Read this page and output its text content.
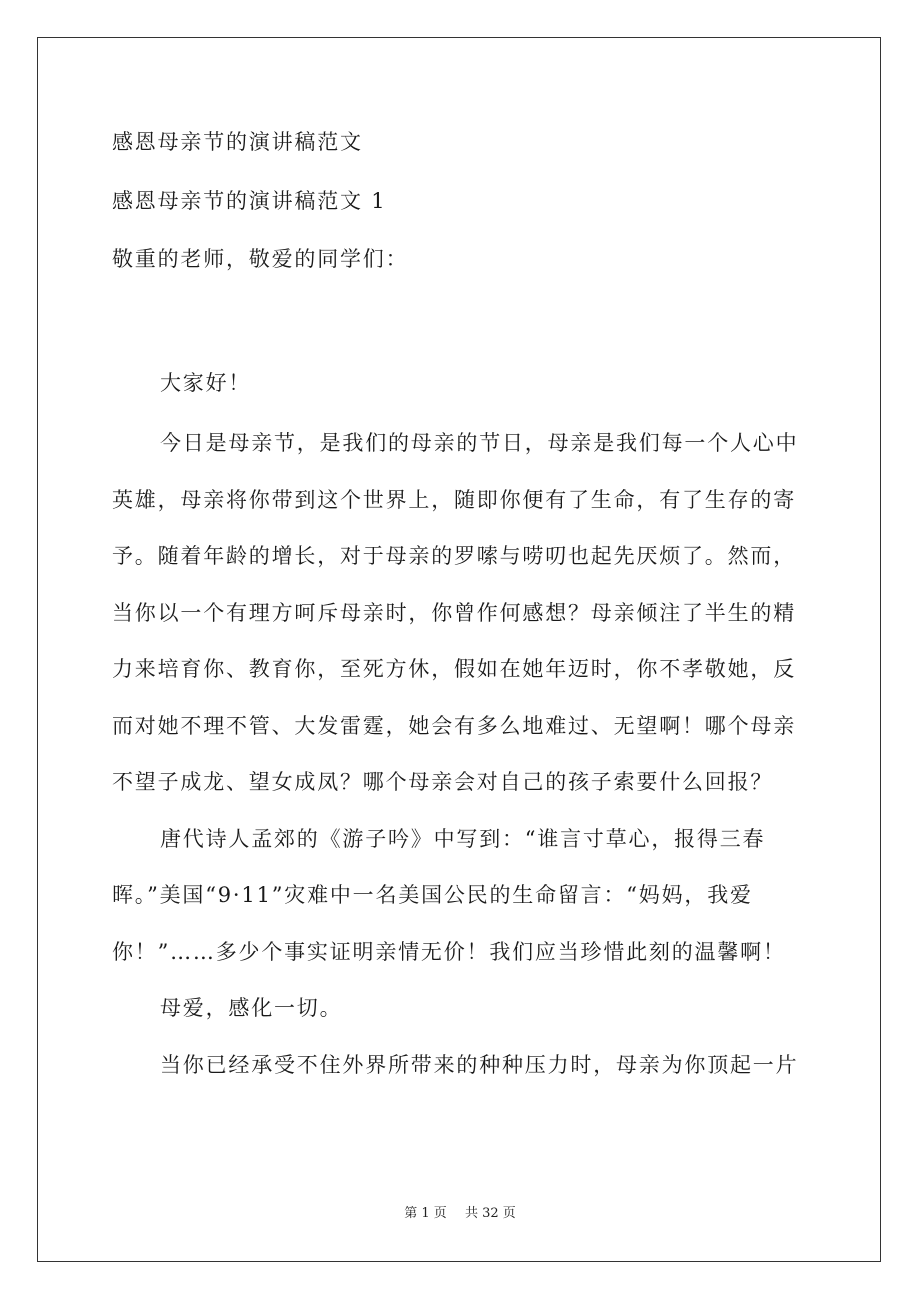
感恩母亲节的演讲稿范文
感恩母亲节的演讲稿范文 1
敬重的老师，敬爱的同学们：
大家好！
今日是母亲节，是我们的母亲的节日，母亲是我们每一个人心中
英雄，母亲将你带到这个世界上，随即你便有了生命，有了生存的寄
予。随着年龄的增长，对于母亲的罗嗦与唠叨也起先厌烦了。然而，
当你以一个有理方呵斥母亲时，你曾作何感想？母亲倾注了半生的精
力来培育你、教育你，至死方休，假如在她年迈时，你不孝敬她，反
而对她不理不管、大发雷霆，她会有多么地难过、无望啊！哪个母亲
不望子成龙、望女成凤？哪个母亲会对自己的孩子索要什么回报？
唐代诗人孟郊的《游子吟》中写到：“谁言寸草心，报得三春
晖。”美国“9·11”灾难中一名美国公民的生命留言：“妈妈，我爱
你！”……多少个事实证明亲情无价！我们应当珍惜此刻的温馨啊！
母爱，感化一切。
当你已经承受不住外界所带来的种种压力时，母亲为你顶起一片
第 1 页 共 32 页
